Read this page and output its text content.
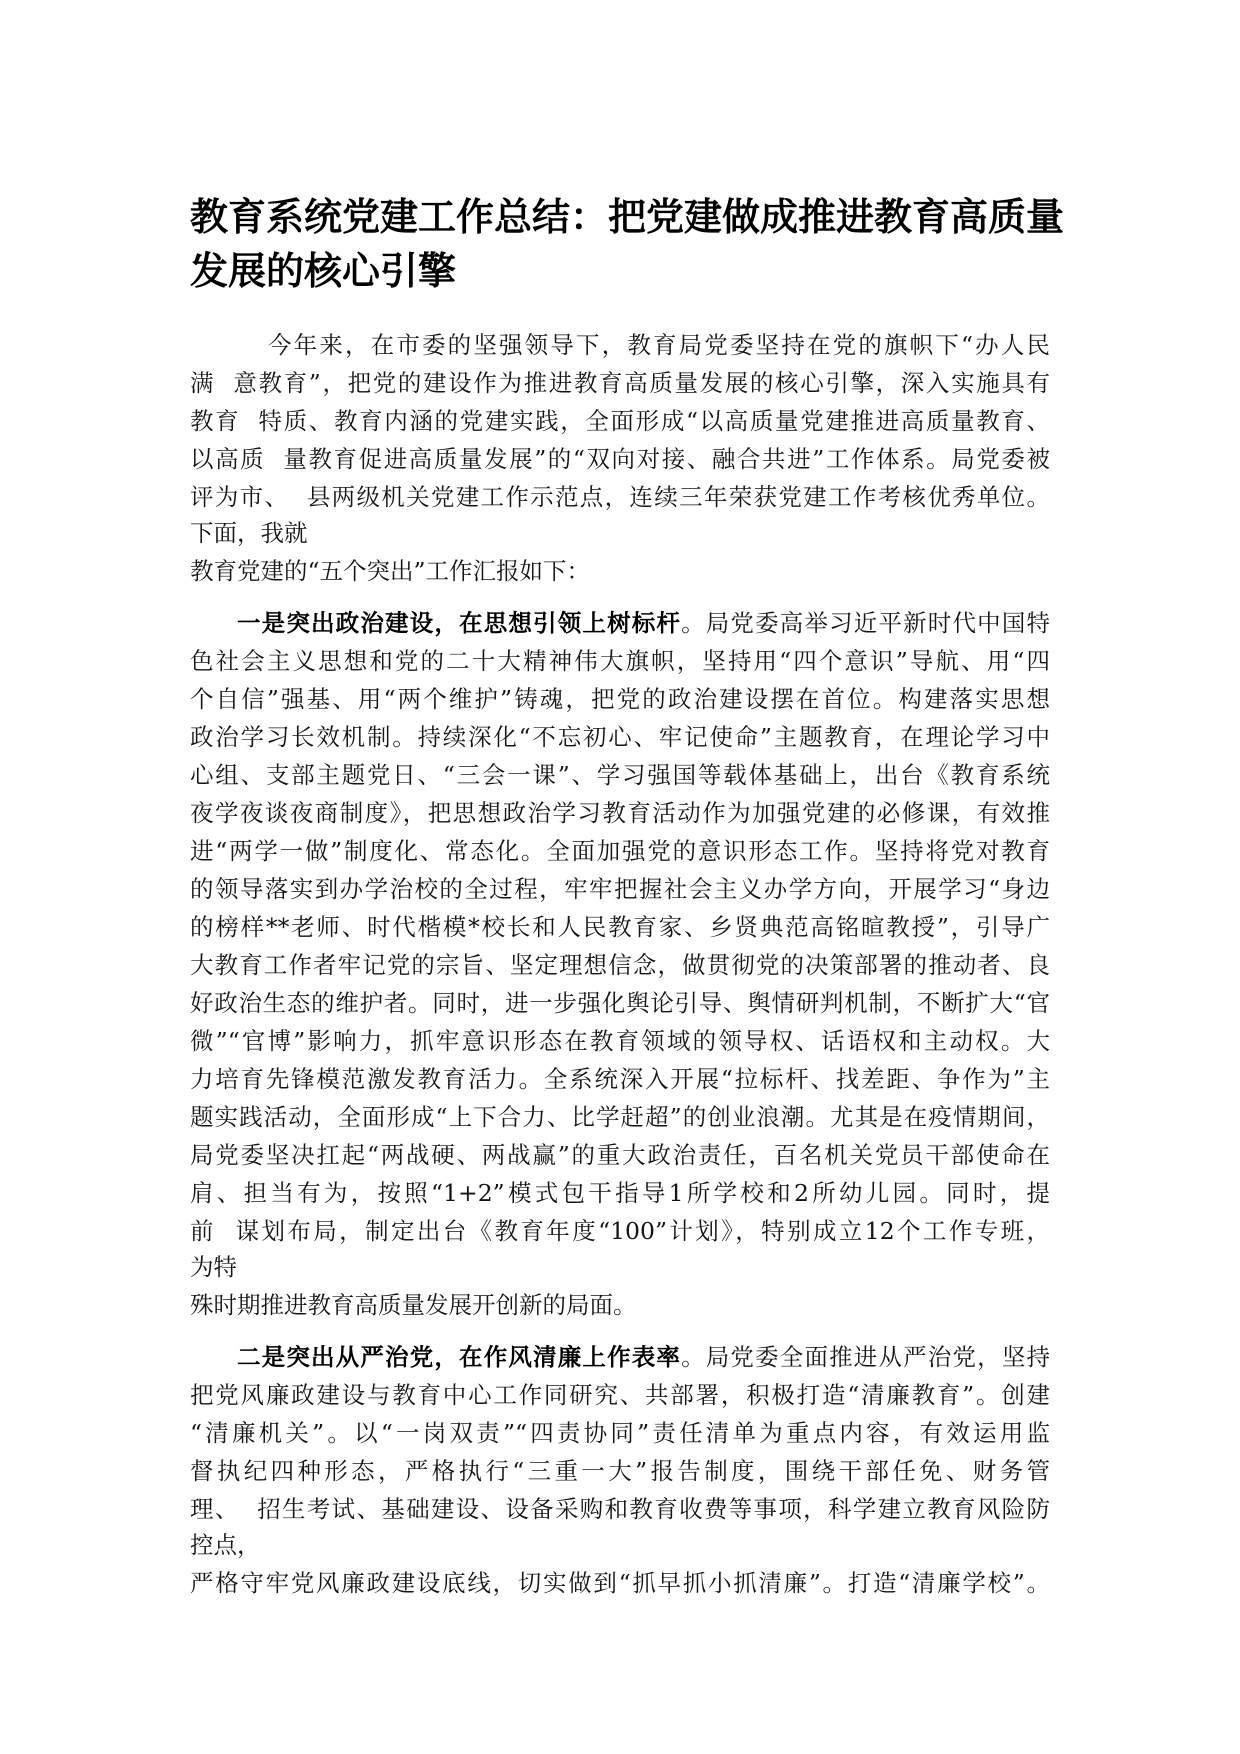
教育系统党建工作总结：把党建做成推进教育高质量
发展的核心引擎

今年来，在市委的坚强领导下，教育局党委坚持在党的旗帜下“办人民

满  意教育”，把党的建设作为推进教育高质量发展的核心引擎，深入实施具有

教育  特质、教育内涵的党建实践，全面形成“以高质量党建推进高质量教育、

以高质  量教育促进高质量发展”的“双向对接、融合共进”工作体系。局党委被

评为市、  县两级机关党建工作示范点，连续三年荣获党建工作考核优秀单位。

下面，我就

教育党建的“五个突出”工作汇报如下：

一是突出政治建设，在思想引领上树标杆。局党委高举习近平新时代中国特

色社会主义思想和党的二十大精神伟大旗帜，坚持用“四个意识”导航、用“四

个自信”强基、用“两个维护”铸魂，把党的政治建设摆在首位。构建落实思想

政治学习长效机制。持续深化“不忘初心、牢记使命”主题教育，在理论学习中

心组、支部主题党日、“三会一课”、学习强国等载体基础上，出台《教育系统

夜学夜谈夜商制度》，把思想政治学习教育活动作为加强党建的必修课，有效推

进“两学一做”制度化、常态化。全面加强党的意识形态工作。坚持将党对教育

的领导落实到办学治校的全过程，牢牢把握社会主义办学方向，开展学习“身边

的榜样**老师、时代楷模*校长和人民教育家、乡贤典范高铭暄教授”，引导广

大教育工作者牢记党的宗旨、坚定理想信念，做贯彻党的决策部署的推动者、良

好政治生态的维护者。同时，进一步强化舆论引导、舆情研判机制，不断扩大“官

微”“官博”影响力，抓牢意识形态在教育领域的领导权、话语权和主动权。大

力培育先锋模范激发教育活力。全系统深入开展“拉标杆、找差距、争作为”主

题实践活动，全面形成“上下合力、比学赶超”的创业浪潮。尤其是在疫情期间，

局党委坚决扛起“两战硬、两战赢”的重大政治责任，百名机关党员干部使命在

肩、担当有为，按照“1+2”模式包干指导1所学校和2所幼儿园。同时，提

前  谋划布局，制定出台《教育年度“100”计划》，特别成立12个工作专班，

为特

殊时期推进教育高质量发展开创新的局面。

二是突出从严治党，在作风清廉上作表率。局党委全面推进从严治党，坚持

把党风廉政建设与教育中心工作同研究、共部署，积极打造“清廉教育”。创建

“清廉机关”。以“一岗双责”“四责协同”责任清单为重点内容，有效运用监

督执纪四种形态，严格执行“三重一大”报告制度，围绕干部任免、财务管

理、  招生考试、基础建设、设备采购和教育收费等事项，科学建立教育风险防

控点，

严格守牢党风廉政建设底线，切实做到“抓早抓小抓清廉”。打造“清廉学校”。
